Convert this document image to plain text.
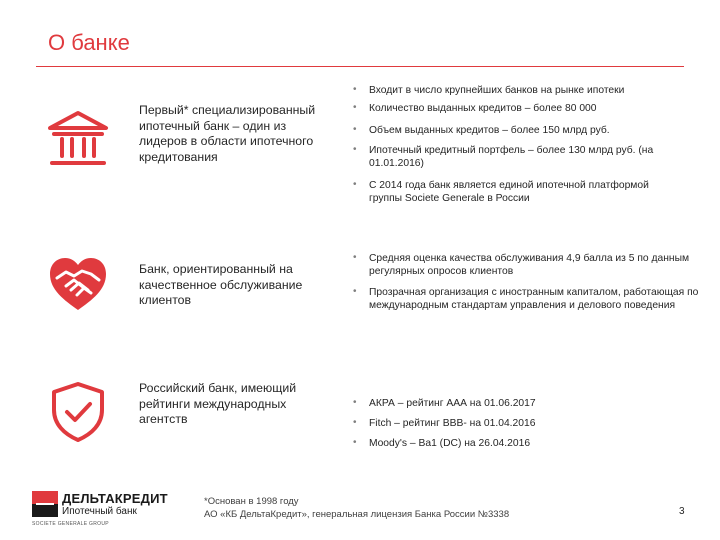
О банке
Первый* специализированный ипотечный банк – один из лидеров в области ипотечного кредитования
• Входит в число крупнейших банков на рынке ипотеки
• Количество выданных кредитов – более 80 000
• Объем выданных кредитов – более 150 млрд руб.
• Ипотечный кредитный портфель – более 130 млрд руб. (на 01.01.2016)
• С 2014 года банк является единой ипотечной платформой группы Societe Generale в России
Банк, ориентированный на качественное обслуживание клиентов
• Средняя оценка качества обслуживания 4,9 балла из 5 по данным регулярных опросов клиентов
• Прозрачная организация с иностранным капиталом, работающая по международным стандартам управления и делового поведения
Российский банк, имеющий рейтинги международных агентств
• АКРА – рейтинг ААА на 01.06.2017
• Fitch – рейтинг BBB- на 01.04.2016
• Moody's – Ba1 (DC) на 26.04.2016
ДЕЛЬТАКРЕДИТ
Ипотечный банк
SOCIETE GENERALE GROUP
*Основан в 1998 году
АО «КБ ДельтаКредит», генеральная лицензия Банка России №3338	3
